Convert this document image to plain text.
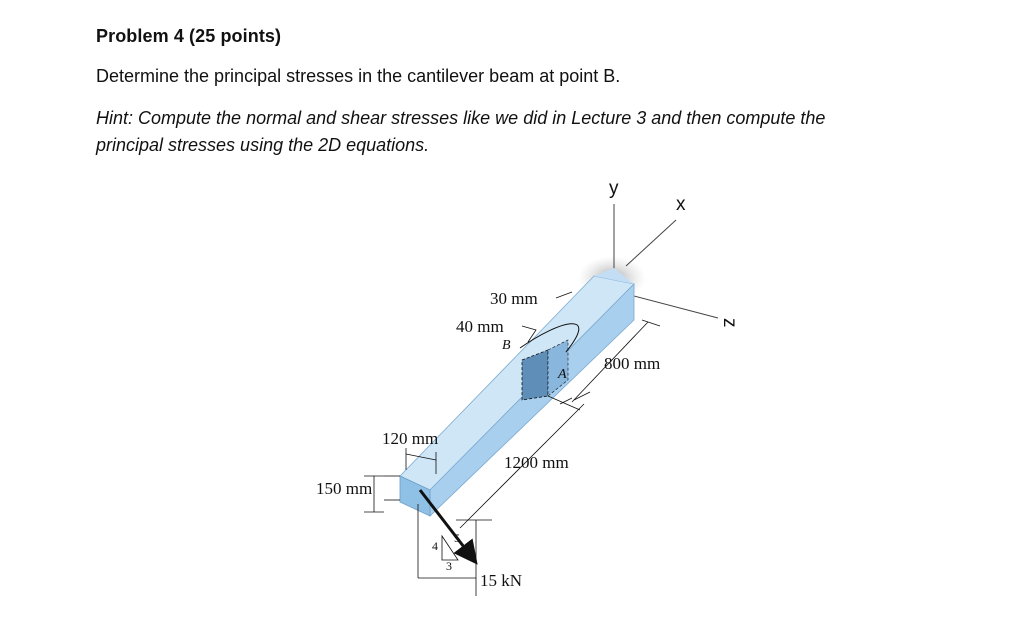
Problem 4 (25 points)
Determine the principal stresses in the cantilever beam at point B.
Hint: Compute the normal and shear stresses like we did in Lecture 3 and then compute the
principal stresses using the 2D equations.
y
x
z
30 mm
40 mm
B
A
800 mm
1200 mm
120 mm
150 mm
3
4
5
15 kN
